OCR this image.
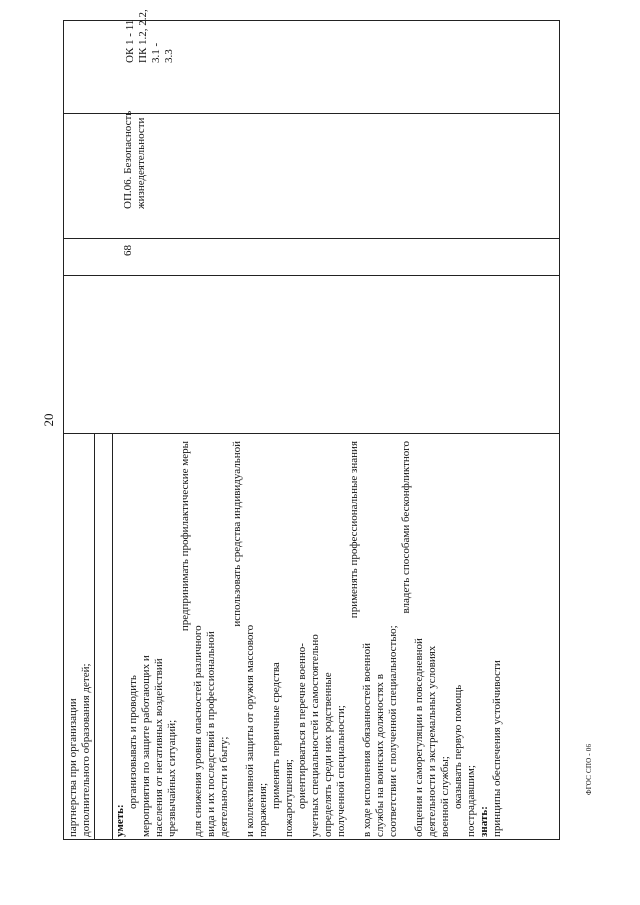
20
партнерства при организации дополнительного образования детей; уметь:
организовывать и проводить мероприятия по защите работающих и населения от негативных воздействий чрезвычайных ситуаций;
предпринимать профилактические меры
для снижения уровня опасностей различного вида и их последствий в профессиональной деятельности и быту;
использовать средства индивидуальной
и коллективной защиты от оружия массового поражения;
применять первичные средства пожаротушения; ориентироваться в перечне военно- учетных специальностей и самостоятельно определять среди них родственные полученной специальности;
применять профессиональные знания
в ходе исполнения обязанностей военной службы на воинских должностях в соответствии с полученной специальностью;
владеть способами бесконфликтного
общения и саморегуляции в повседневной деятельности и экстремальных условиях военной службы; оказывать первую помощь пострадавшим; знать: принципы обеспечения устойчивости
68
ОП.06. Безопасность жизнедеятельности
ОК 1 - 11 ПК 1.2, 2.2, 3.1 - 3.3
ФГОС СПО - 06
